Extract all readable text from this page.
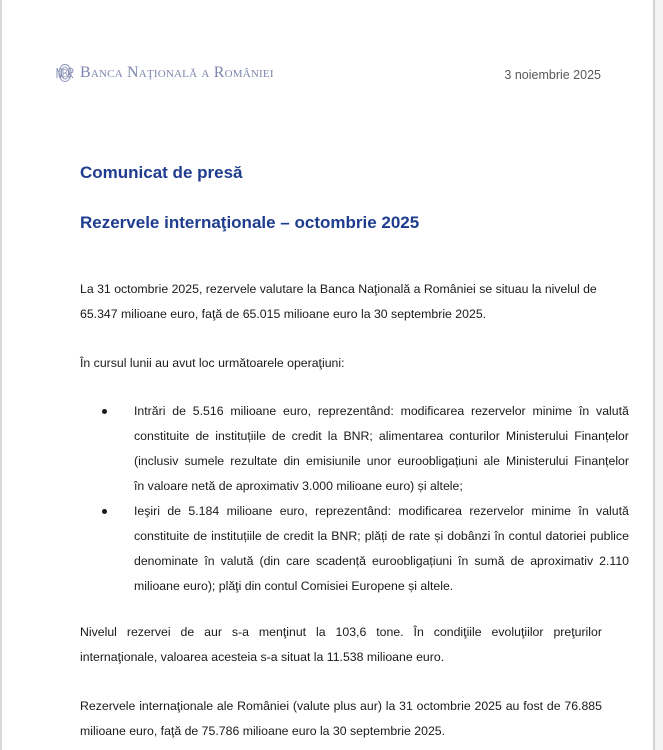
Banca Naţională a României	3 noiembrie 2025
Comunicat de presă
Rezervele internaţionale – octombrie 2025
La 31 octombrie 2025, rezervele valutare la Banca Naţională a României se situau la nivelul de
65.347 milioane euro, faţă de 65.015 milioane euro la 30 septembrie 2025.
În cursul lunii au avut loc următoarele operaţiuni:
Intrări de 5.516 milioane euro, reprezentând: modificarea rezervelor minime în valută
constituite de instituțiile de credit la BNR; alimentarea conturilor Ministerului Finanțelor
(inclusiv sumele rezultate din emisiunile unor euroobligațiuni ale Ministerului Finanțelor
în valoare netă de aproximativ 3.000 milioane euro) și altele;
Ieşiri de 5.184 milioane euro, reprezentând: modificarea rezervelor minime în valută
constituite de instituțiile de credit la BNR; plăți de rate și dobânzi în contul datoriei publice
denominate în valută (din care scadență euroobligațiuni în sumă de aproximativ 2.110
milioane euro); plăţi din contul Comisiei Europene și altele.
Nivelul rezervei de aur s-a menţinut la 103,6 tone. În condiţiile evoluţiilor preţurilor
internaţionale, valoarea acesteia s-a situat la 11.538 milioane euro.
Rezervele internaţionale ale României (valute plus aur) la 31 octombrie 2025 au fost de 76.885
milioane euro, faţă de 75.786 milioane euro la 30 septembrie 2025.
